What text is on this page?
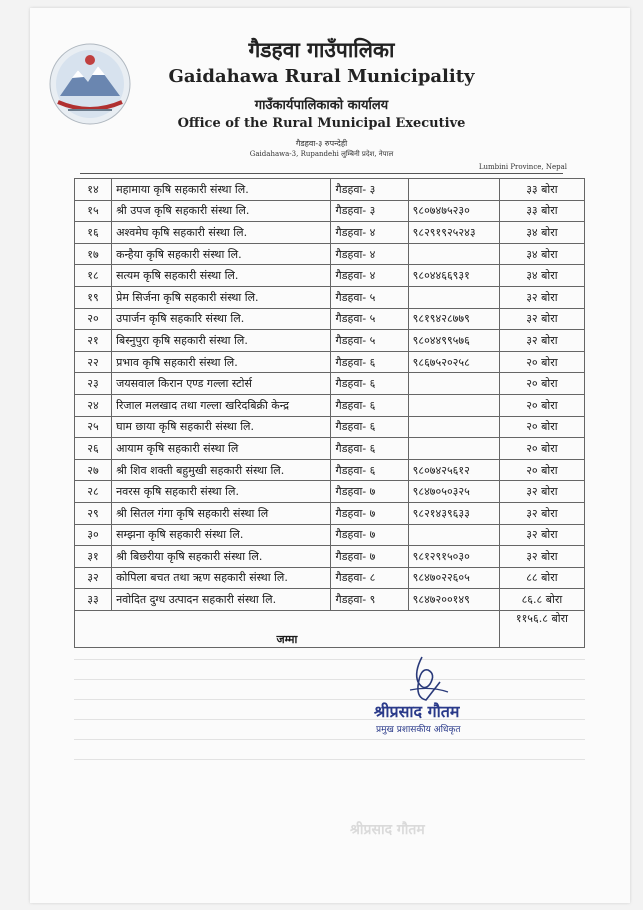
गैडहवा गाउँपालिका
Gaidahawa Rural Municipality
गाउँकार्यपालिकाको कार्यालय
Office of the Rural Municipal Executive
गैडहवा-३ रुपन्देही
Gaidahawa-3, Rupandehi लुम्बिनी प्रदेश, नेपाल
Lumbini Province, Nepal
१४	महामाया कृषि सहकारी संस्था लि.	गैडहवा- ३		३३ बोरा
१५	श्री उपज कृषि सहकारी संस्था लि.	गैडहवा- ३	९८०७४७५२३०	३३ बोरा
१६	अश्वमेघ कृषि सहकारी संस्था लि.	गैडहवा- ४	९८२९१९२५२४३	३४ बोरा
१७	कन्हैया कृषि सहकारी संस्था लि.	गैडहवा- ४		३४ बोरा
१८	सत्यम कृषि सहकारी संस्था लि.	गैडहवा- ४	९८०४४६६९३१	३४ बोरा
१९	प्रेम सिर्जना कृषि सहकारी संस्था लि.	गैडहवा- ५		३२ बोरा
२०	उपार्जन कृषि सहकारि संस्था लि.	गैडहवा- ५	९८१९४२८७७९	३२ बोरा
२१	बिस्नुपुरा कृषि सहकारी संस्था लि.	गैडहवा- ५	९८०४४९९५७६	३२ बोरा
२२	प्रभाव कृषि सहकारी संस्था लि.	गैडहवा- ६	९८६७५२०२५८	२० बोरा
२३	जयसवाल किरान एण्ड गल्ला स्टोर्स	गैडहवा- ६		२० बोरा
२४	रिजाल मलखाद तथा गल्ला खरिदबिक्री केन्द्र	गैडहवा- ६		२० बोरा
२५	घाम छाया कृषि सहकारी संस्था लि.	गैडहवा- ६		२० बोरा
२६	आयाम कृषि सहकारी संस्था लि	गैडहवा- ६		२० बोरा
२७	श्री शिव शक्ती बहुमुखी सहकारी संस्था लि.	गैडहवा- ६	९८०७४२५६१२	२० बोरा
२८	नवरस कृषि सहकारी संस्था लि.	गैडहवा- ७	९८४७०५०३२५	३२ बोरा
२९	श्री सितल गंगा कृषि सहकारी संस्था लि	गैडहवा- ७	९८२१४३९६३३	३२ बोरा
३०	सम्झना कृषि सहकारी संस्था लि.	गैडहवा- ७		३२ बोरा
३१	श्री बिछरीया कृषि सहकारी संस्था लि.	गैडहवा- ७	९८१२९१५०३०	३२ बोरा
३२	कोपिला बचत तथा ऋण सहकारी संस्था लि.	गैडहवा- ८	९८४७०२२६०५	८८ बोरा
३३	नवोदित दुग्ध उत्पादन सहकारी संस्था लि.	गैडहवा- ९	९८४७२००१४९	८६.८ बोरा
जम्मा				११५६.८ बोरा
श्रीप्रसाद गौतम
प्रमुख प्रशासकीय अधिकृत
श्रीप्रसाद गौतम
